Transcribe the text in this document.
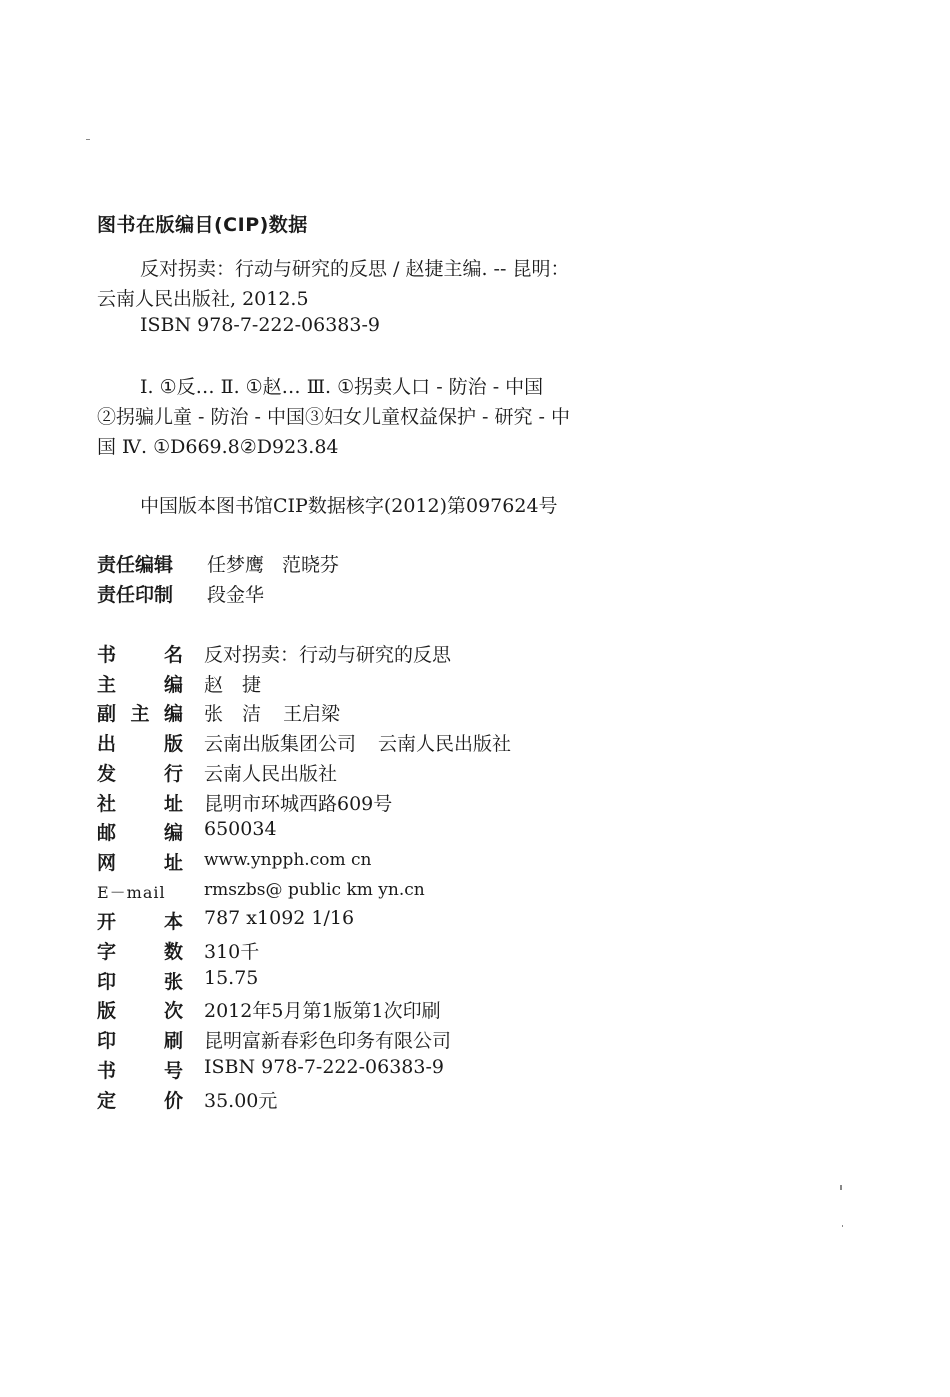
图书在版编目(CIP)数据
反对拐卖：行动与研究的反思 / 赵捷主编. -- 昆明：
云南人民出版社, 2012.5
ISBN 978-7-222-06383-9
Ⅰ. ①反… Ⅱ. ①赵… Ⅲ. ①拐卖人口 - 防治 - 中国
②拐骗儿童 - 防治 - 中国③妇女儿童权益保护 - 研究 - 中
国 Ⅳ. ①D669.8②D923.84
中国版本图书馆CIP数据核字(2012)第097624号
责任编辑 任梦鹰 范晓芬
责任印制 段金华
书名 反对拐卖：行动与研究的反思
主编 赵　捷
副主编 张　洁 王启梁
出版 云南出版集团公司 云南人民出版社
发行 云南人民出版社
社址 昆明市环城西路609号
邮编 650034
网址 www.ynpph.com cn
E－mail	rmszbs@ public km yn.cn
开本 787 x1092 1/16
字数 310千
印张 15.75
版次 2012年5月第1版第1次印刷
印刷 昆明富新春彩色印务有限公司
书号 ISBN 978-7-222-06383-9
定价 35.00元
